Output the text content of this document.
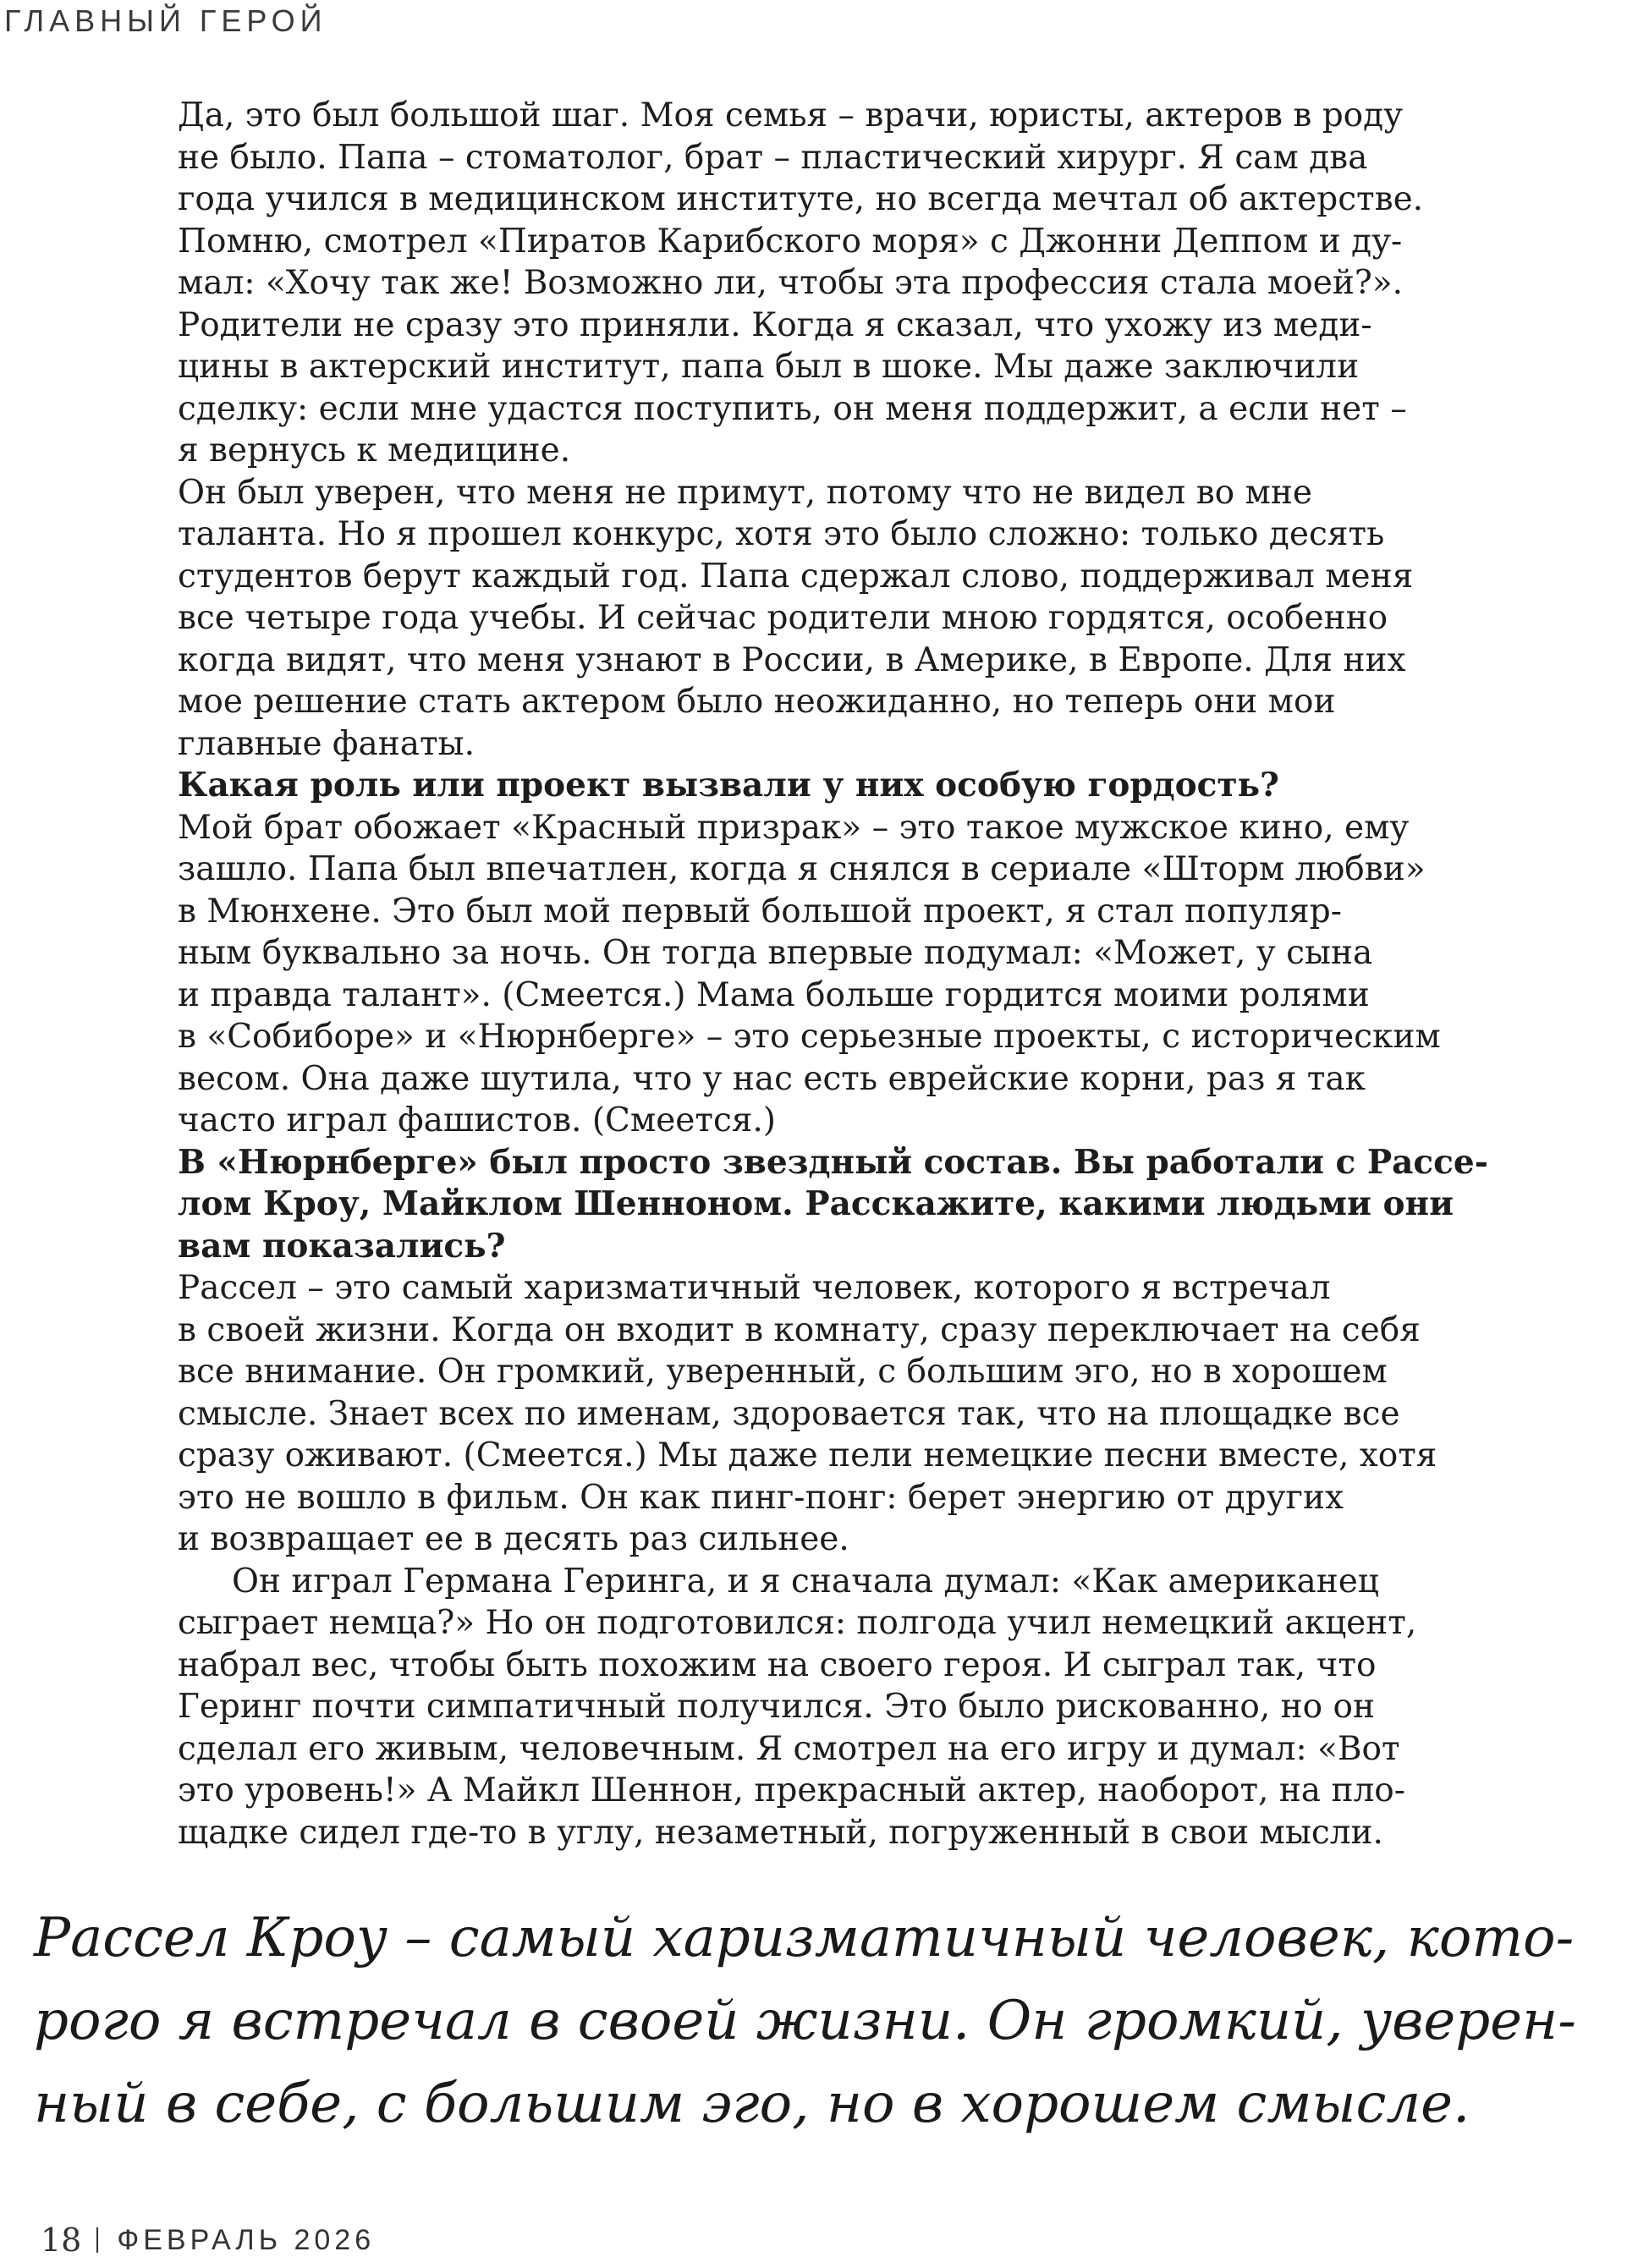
ГЛАВНЫЙ ГЕРОЙ
Да, это был большой шаг. Моя семья – врачи, юристы, актеров в роду
не было. Папа – стоматолог, брат – пластический хирург. Я сам два
года учился в медицинском институте, но всегда мечтал об актерстве.
Помню, смотрел «Пиратов Карибского моря» с Джонни Деппом и ду-
мал: «Хочу так же! Возможно ли, чтобы эта профессия стала моей?».
Родители не сразу это приняли. Когда я сказал, что ухожу из меди-
цины в актерский институт, папа был в шоке. Мы даже заключили
сделку: если мне удастся поступить, он меня поддержит, а если нет –
я вернусь к медицине.
Он был уверен, что меня не примут, потому что не видел во мне
таланта. Но я прошел конкурс, хотя это было сложно: только десять
студентов берут каждый год. Папа сдержал слово, поддерживал меня
все четыре года учебы. И сейчас родители мною гордятся, особенно
когда видят, что меня узнают в России, в Америке, в Европе. Для них
мое решение стать актером было неожиданно, но теперь они мои
главные фанаты.
Какая роль или проект вызвали у них особую гордость?
Мой брат обожает «Красный призрак» – это такое мужское кино, ему
зашло. Папа был впечатлен, когда я снялся в сериале «Шторм любви»
в Мюнхене. Это был мой первый большой проект, я стал популяр-
ным буквально за ночь. Он тогда впервые подумал: «Может, у сына
и правда талант». (Смеется.) Мама больше гордится моими ролями
в «Собиборе» и «Нюрнберге» – это серьезные проекты, с историческим
весом. Она даже шутила, что у нас есть еврейские корни, раз я так
часто играл фашистов. (Смеется.)
В «Нюрнберге» был просто звездный состав. Вы работали с Рассе-
лом Кроу, Майклом Шенноном. Расскажите, какими людьми они
вам показались?
Рассел – это самый харизматичный человек, которого я встречал
в своей жизни. Когда он входит в комнату, сразу переключает на себя
все внимание. Он громкий, уверенный, с большим эго, но в хорошем
смысле. Знает всех по именам, здоровается так, что на площадке все
сразу оживают. (Смеется.) Мы даже пели немецкие песни вместе, хотя
это не вошло в фильм. Он как пинг-понг: берет энергию от других
и возвращает ее в десять раз сильнее.
Он играл Германа Геринга, и я сначала думал: «Как американец
сыграет немца?» Но он подготовился: полгода учил немецкий акцент,
набрал вес, чтобы быть похожим на своего героя. И сыграл так, что
Геринг почти симпатичный получился. Это было рискованно, но он
сделал его живым, человечным. Я смотрел на его игру и думал: «Вот
это уровень!» А Майкл Шеннон, прекрасный актер, наоборот, на пло-
щадке сидел где-то в углу, незаметный, погруженный в свои мысли.
Рассел Кроу – самый харизматичный человек, кото-
рого я встречал в своей жизни. Он громкий, уверен-
ный в себе, с большим эго, но в хорошем смысле.
18 ФЕВРАЛЬ 2026
